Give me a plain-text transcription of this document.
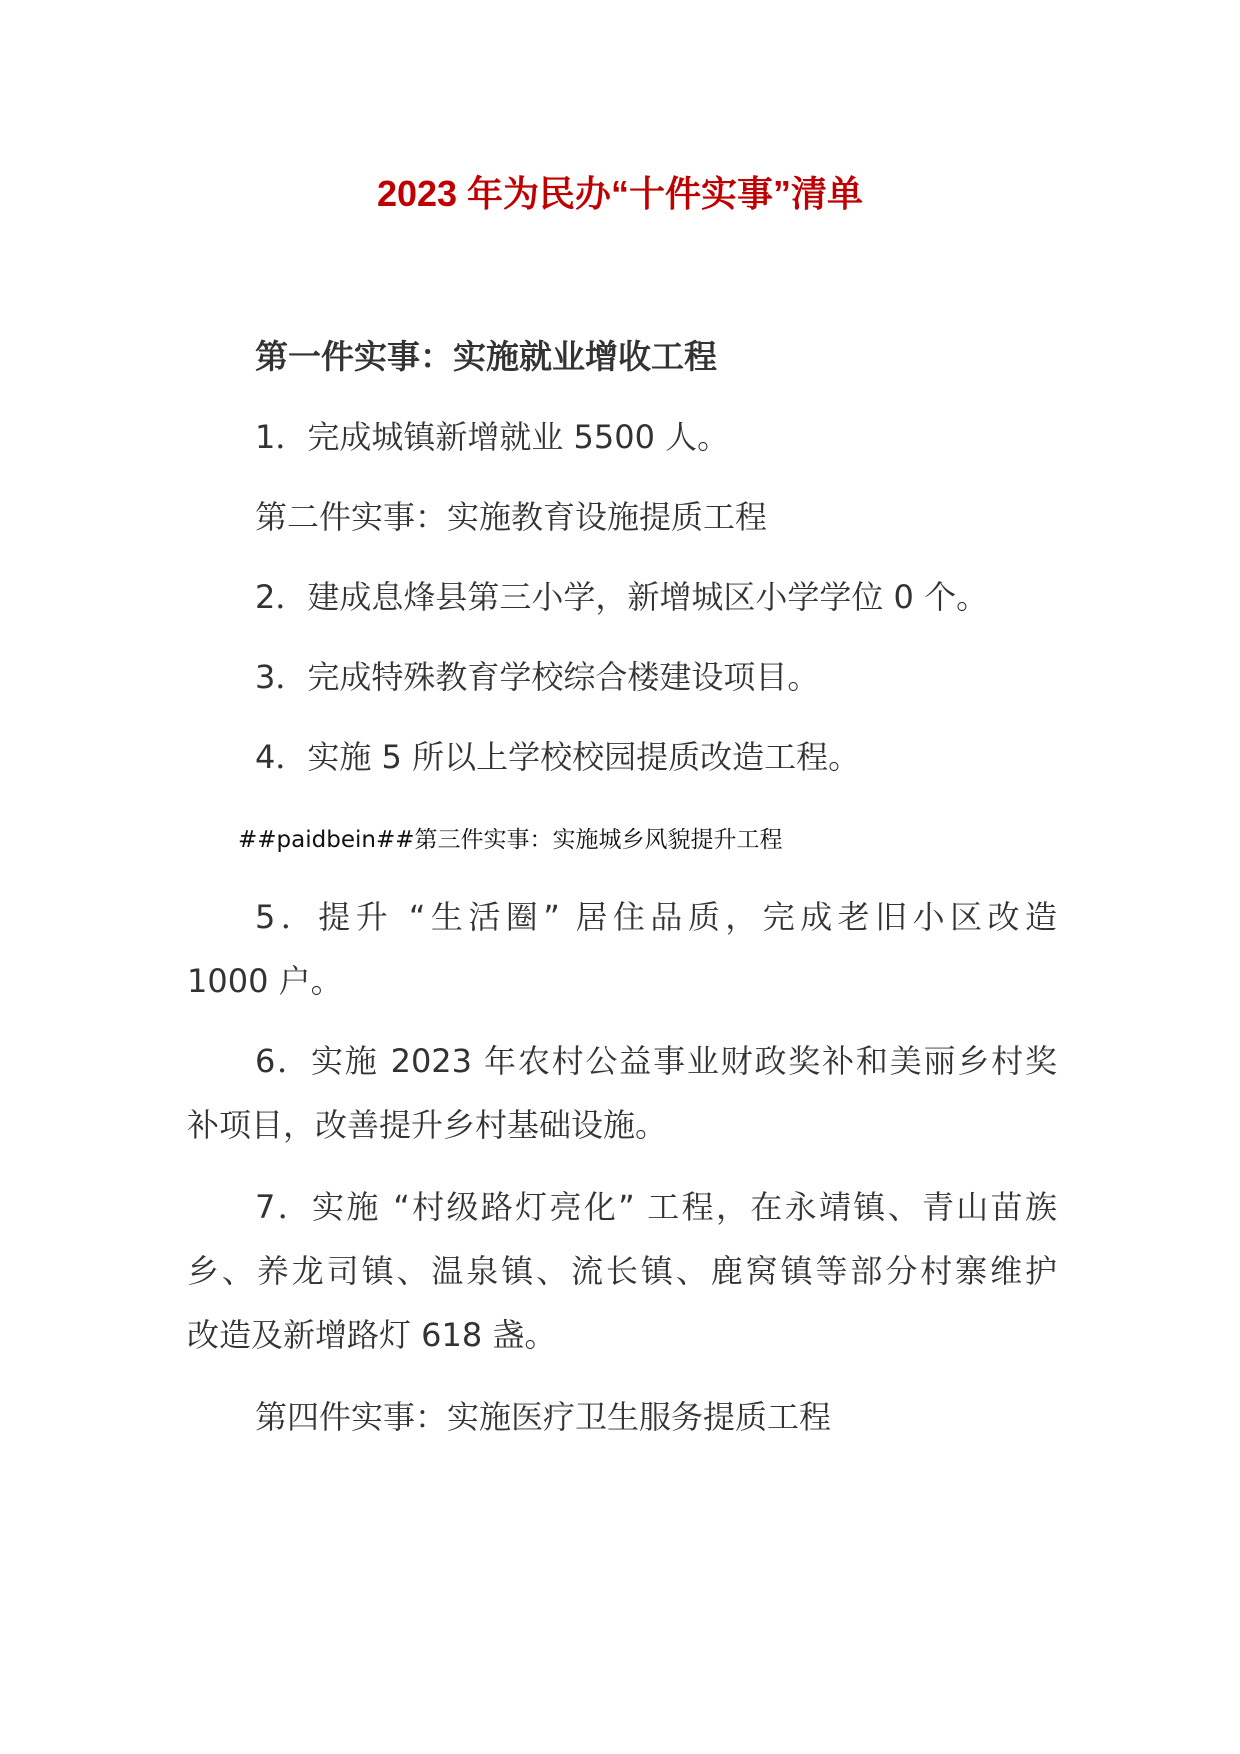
2023 年为民办“十件实事”清单
第一件实事：实施就业增收工程
1．完成城镇新增就业 5500 人。
第二件实事：实施教育设施提质工程
2．建成息烽县第三小学，新增城区小学学位 0 个。
3．完成特殊教育学校综合楼建设项目。
4．实施 5 所以上学校校园提质改造工程。
##paidbein##第三件实事：实施城乡风貌提升工程
5．提升 “生活圈” 居住品质，完成老旧小区改造
1000 户。
6．实施 2023 年农村公益事业财政奖补和美丽乡村奖
补项目，改善提升乡村基础设施。
7．实施 “村级路灯亮化” 工程，在永靖镇、青山苗族
乡、养龙司镇、温泉镇、流长镇、鹿窝镇等部分村寨维护
改造及新增路灯 618 盏。
第四件实事：实施医疗卫生服务提质工程
